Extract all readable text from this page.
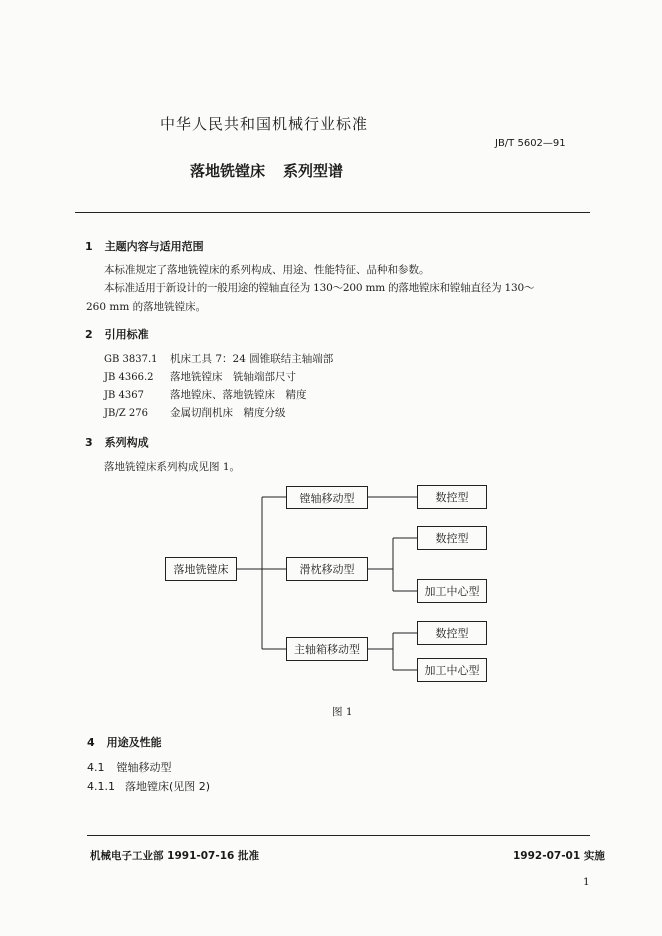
中华人民共和国机械行业标准
JB/T 5602—91
落地铣镗床 系列型谱
1 主题内容与适用范围
本标准规定了落地铣镗床的系列构成、用途、性能特征、品种和参数。
本标准适用于新设计的一般用途的镗轴直径为 130～200 mm 的落地镗床和镗轴直径为 130～
260 mm 的落地铣镗床。
2 引用标准
GB 3837.1 机床工具 7：24 圆锥联结主轴端部
JB 4366.2 落地铣镗床　铣轴端部尺寸
JB 4367 落地镗床、落地铣镗床　精度
JB/Z 276 金属切削机床　精度分级
3 系列构成
落地铣镗床系列构成见图 1。
落地铣镗床
镗轴移动型	数控型
滑枕移动型
数控型
加工中心型
主轴箱移动型
数控型
加工中心型
图 1
4 用途及性能
4.1 镗轴移动型
4.1.1 落地镗床(见图 2)
机械电子工业部 1991-07-16 批准	1992-07-01 实施
1
